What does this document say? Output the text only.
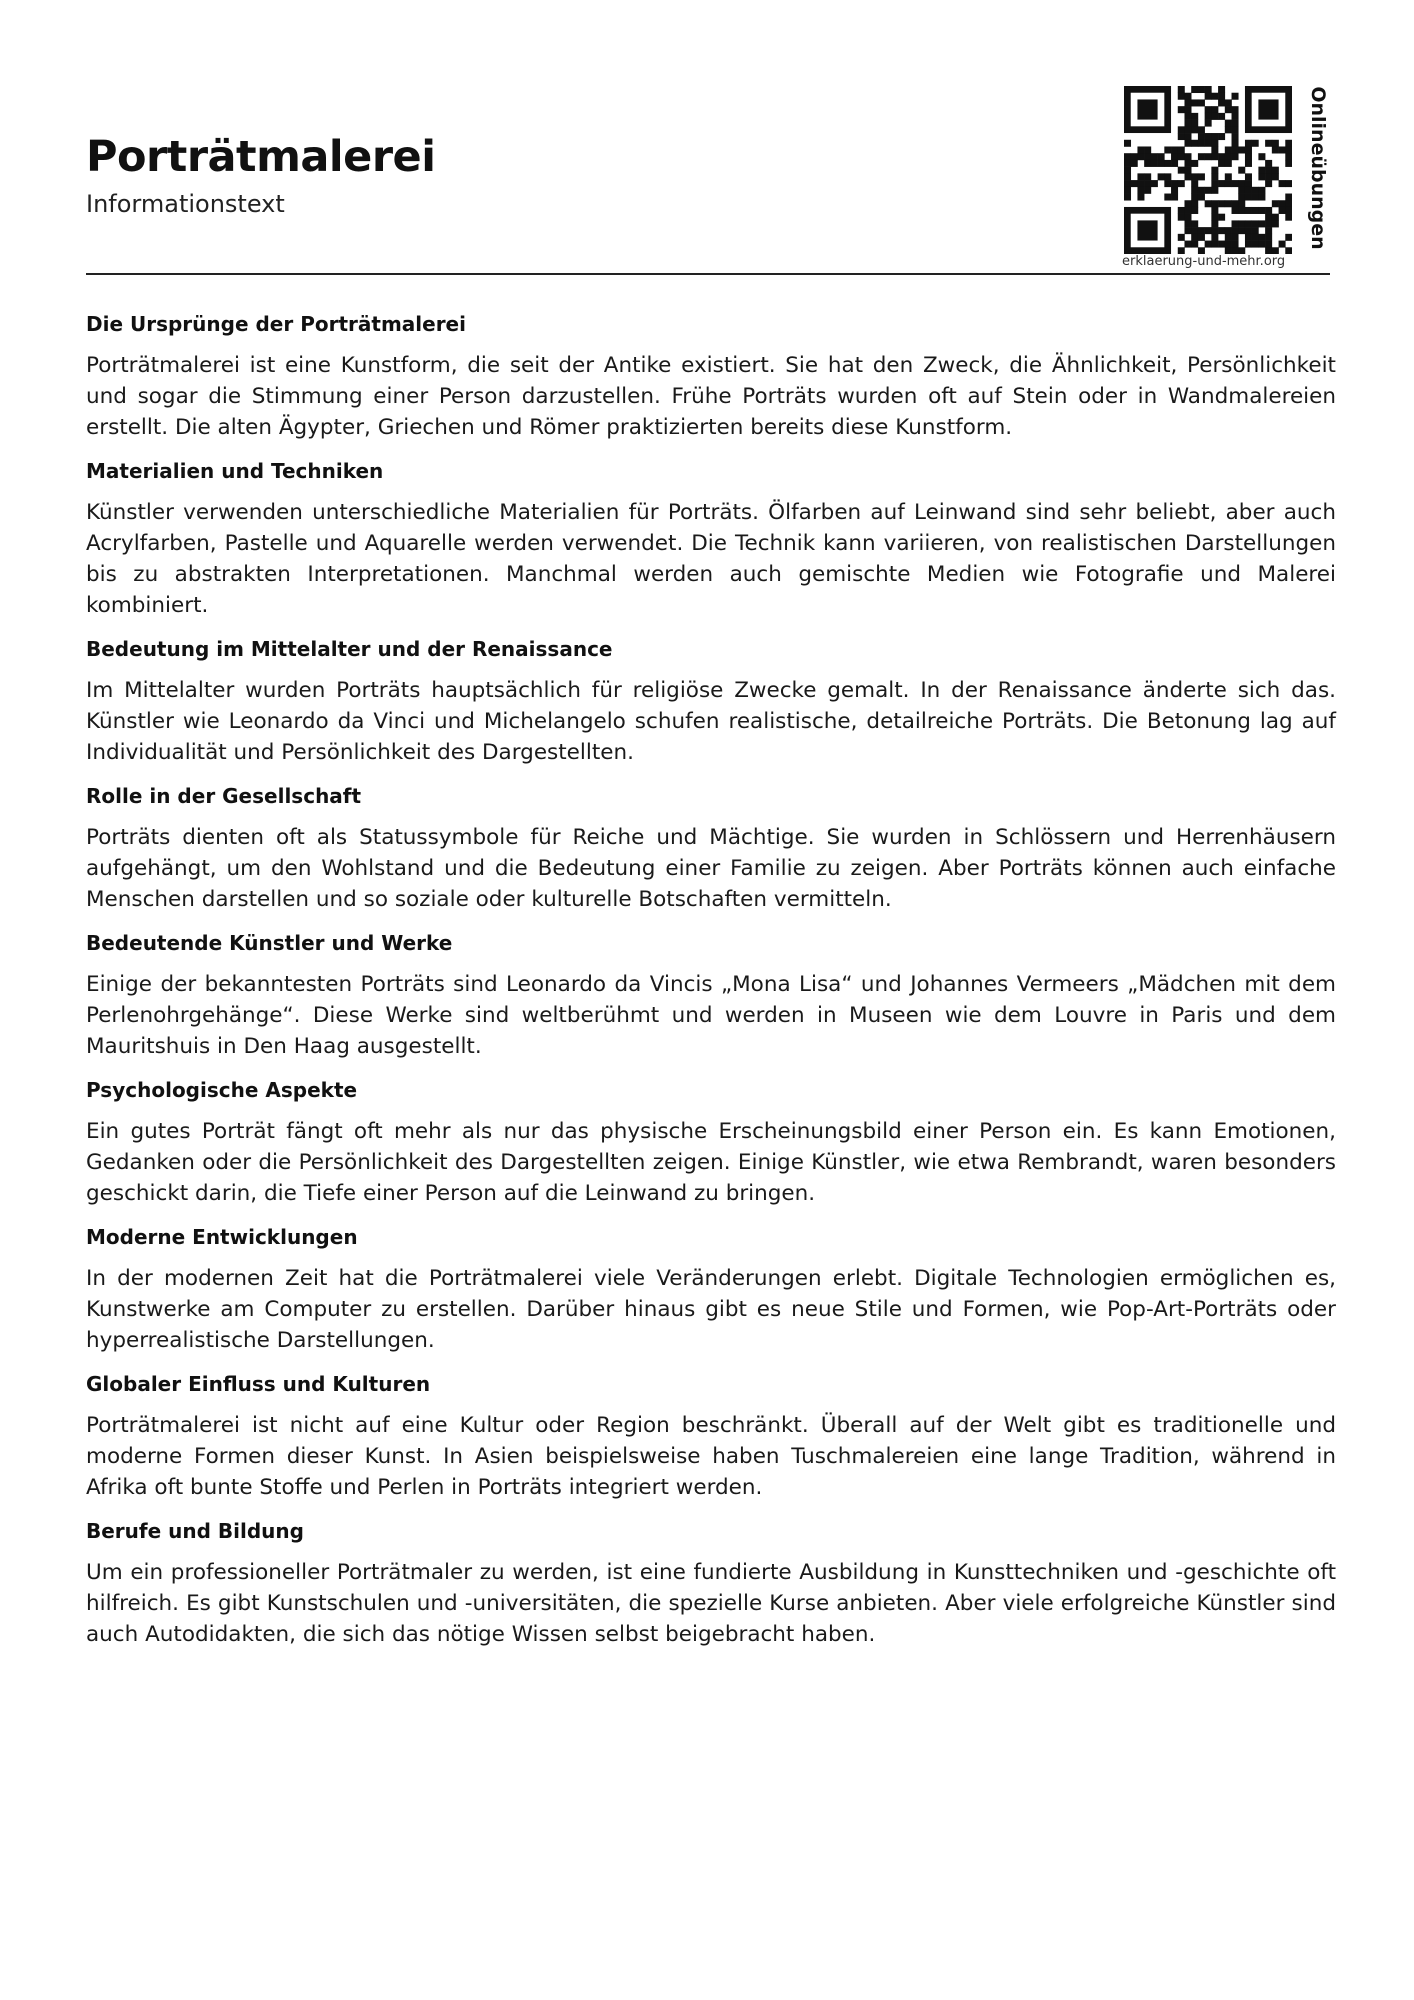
Porträtmalerei
Informationstext	Onlineübungen
erklaerung-und-mehr.org
Die Ursprünge der Porträtmalerei

Porträtmalerei ist eine Kunstform, die seit der Antike existiert. Sie hat den Zweck, die Ähnlichkeit, Persönlichkeit und sogar die Stimmung einer Person darzustellen. Frühe Porträts wurden oft auf Stein oder in Wandmalereien erstellt. Die alten Ägypter, Griechen und Römer praktizierten bereits diese Kunstform.

Materialien und Techniken

Künstler verwenden unterschiedliche Materialien für Porträts. Ölfarben auf Leinwand sind sehr beliebt, aber auch Acrylfarben, Pastelle und Aquarelle werden verwendet. Die Technik kann variieren, von realistischen Darstellungen bis zu abstrakten Interpretationen. Manchmal werden auch gemischte Medien wie Fotografie und Malerei kombiniert.

Bedeutung im Mittelalter und der Renaissance

Im Mittelalter wurden Porträts hauptsächlich für religiöse Zwecke gemalt. In der Renaissance änderte sich das. Künstler wie Leonardo da Vinci und Michelangelo schufen realistische, detailreiche Porträts. Die Betonung lag auf Individualität und Persönlichkeit des Dargestellten.

Rolle in der Gesellschaft

Porträts dienten oft als Statussymbole für Reiche und Mächtige. Sie wurden in Schlössern und Herrenhäusern aufgehängt, um den Wohlstand und die Bedeutung einer Familie zu zeigen. Aber Porträts können auch einfache Menschen darstellen und so soziale oder kulturelle Botschaften vermitteln.

Bedeutende Künstler und Werke

Einige der bekanntesten Porträts sind Leonardo da Vincis „Mona Lisa“ und Johannes Vermeers „Mädchen mit dem Perlenohrgehänge“. Diese Werke sind weltberühmt und werden in Museen wie dem Louvre in Paris und dem Mauritshuis in Den Haag ausgestellt.

Psychologische Aspekte

Ein gutes Porträt fängt oft mehr als nur das physische Erscheinungsbild einer Person ein. Es kann Emotionen, Gedanken oder die Persönlichkeit des Dargestellten zeigen. Einige Künstler, wie etwa Rembrandt, waren besonders geschickt darin, die Tiefe einer Person auf die Leinwand zu bringen.

Moderne Entwicklungen

In der modernen Zeit hat die Porträtmalerei viele Veränderungen erlebt. Digitale Technologien ermöglichen es, Kunstwerke am Computer zu erstellen. Darüber hinaus gibt es neue Stile und Formen, wie Pop-Art-Porträts oder hyperrealistische Darstellungen.

Globaler Einfluss und Kulturen

Porträtmalerei ist nicht auf eine Kultur oder Region beschränkt. Überall auf der Welt gibt es traditionelle und moderne Formen dieser Kunst. In Asien beispielsweise haben Tuschmalereien eine lange Tradition, während in Afrika oft bunte Stoffe und Perlen in Porträts integriert werden.

Berufe und Bildung

Um ein professioneller Porträtmaler zu werden, ist eine fundierte Ausbildung in Kunsttechniken und -geschichte oft hilfreich. Es gibt Kunstschulen und -universitäten, die spezielle Kurse anbieten. Aber viele erfolgreiche Künstler sind auch Autodidakten, die sich das nötige Wissen selbst beigebracht haben.
